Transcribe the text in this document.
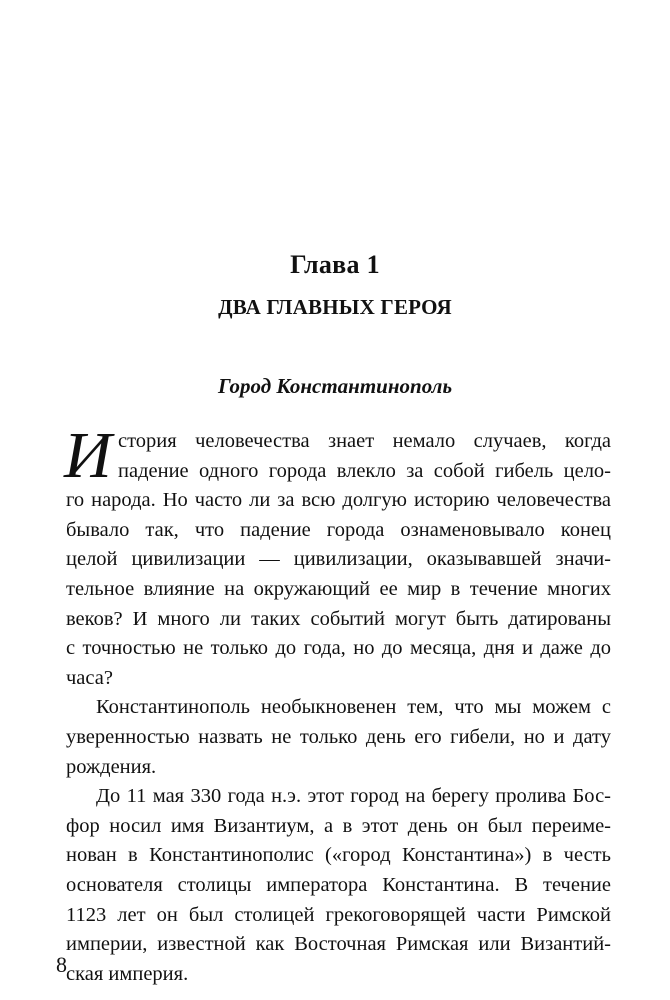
Глава 1
ДВА ГЛАВНЫХ ГЕРОЯ
Город Константинополь
И стория человечества знает немало случаев, когда
падение одного города влекло за собой гибель цело-
го народа. Но часто ли за всю долгую историю человечества
бывало так, что падение города ознаменовывало конец
целой цивилизации — цивилизации, оказывавшей значи-
тельное влияние на окружающий ее мир в течение многих
веков? И много ли таких событий могут быть датированы
с точностью не только до года, но до месяца, дня и даже до
часа?
Константинополь необыкновенен тем, что мы можем с
уверенностью назвать не только день его гибели, но и дату
рождения.
До 11 мая 330 года н.э. этот город на берегу пролива Бос-
фор носил имя Византиум, а в этот день он был переиме-
нован в Константинополис («город Константина») в честь
основателя столицы императора Константина. В течение
1123 лет он был столицей грекоговорящей части Римской
империи, известной как Восточная Римская или Византий-
ская империя.
8
